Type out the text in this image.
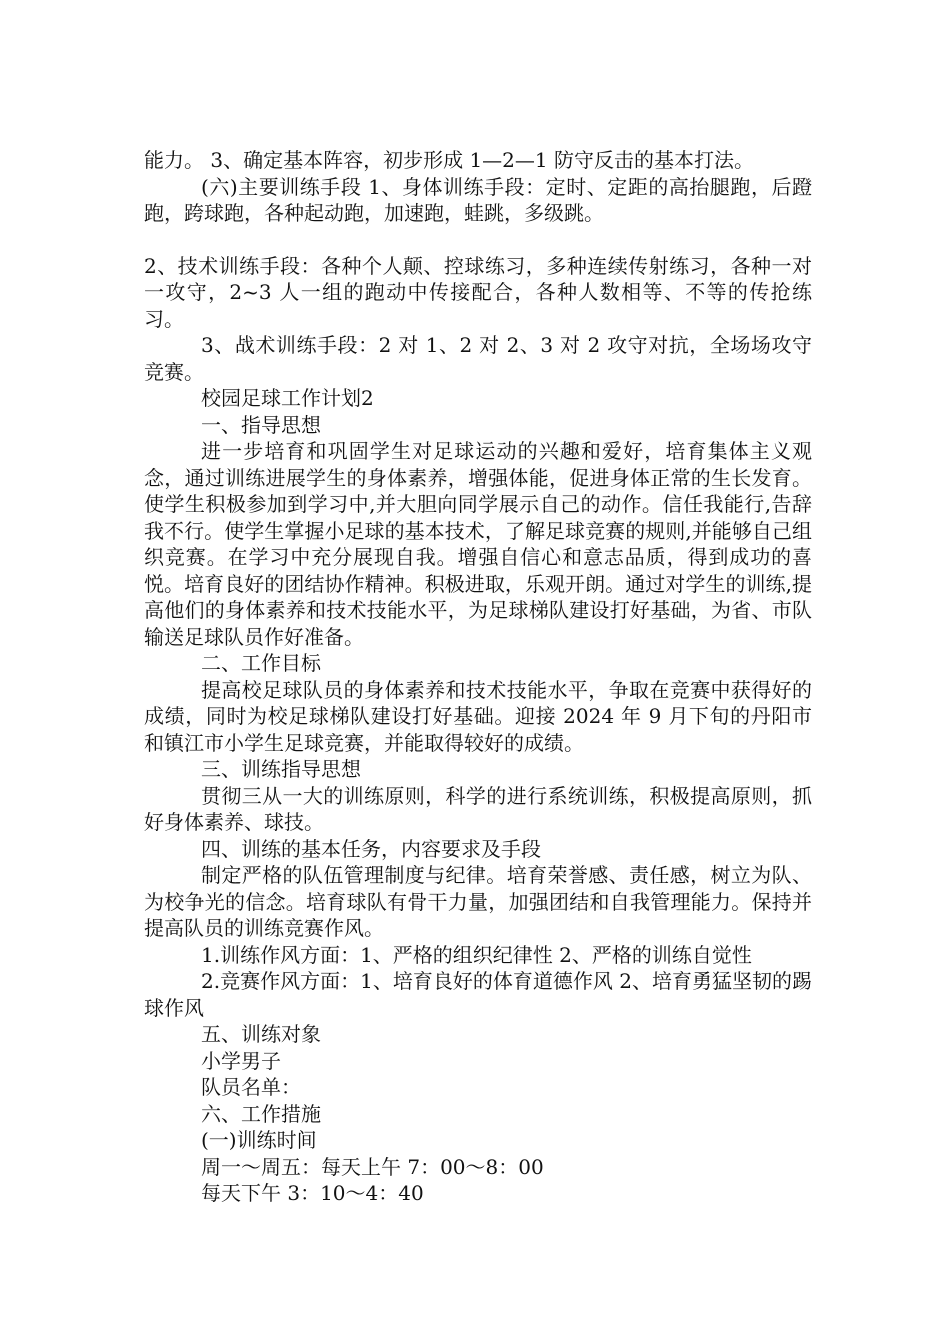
能力。 3、确定基本阵容，初步形成 1—2—1 防守反击的基本打法。

(六)主要训练手段 1、身体训练手段：定时、定距的高抬腿跑，后蹬跑，跨球跑，各种起动跑，加速跑，蛙跳，多级跳。

2、技术训练手段：各种个人颠、控球练习，多种连续传射练习，各种一对一攻守，2~3 人一组的跑动中传接配合，各种人数相等、不等的传抢练习。

3、战术训练手段：2 对 1、2 对 2、3 对 2 攻守对抗，全场场攻守竞赛。

校园足球工作计划2

一、指导思想

进一步培育和巩固学生对足球运动的兴趣和爱好，培育集体主义观念，通过训练进展学生的身体素养，增强体能，促进身体正常的生长发育。使学生积极参加到学习中,并大胆向同学展示自己的动作。信任我能行,告辞我不行。使学生掌握小足球的基本技术，了解足球竞赛的规则,并能够自己组织竞赛。在学习中充分展现自我。增强自信心和意志品质，得到成功的喜悦。培育良好的团结协作精神。积极进取，乐观开朗。通过对学生的训练,提高他们的身体素养和技术技能水平，为足球梯队建设打好基础，为省、市队输送足球队员作好准备。

二、工作目标

提高校足球队员的身体素养和技术技能水平，争取在竞赛中获得好的成绩，同时为校足球梯队建设打好基础。迎接 2024 年 9 月下旬的丹阳市和镇江市小学生足球竞赛，并能取得较好的成绩。

三、训练指导思想

贯彻三从一大的训练原则，科学的进行系统训练，积极提高原则，抓好身体素养、球技。

四、训练的基本任务，内容要求及手段

制定严格的队伍管理制度与纪律。培育荣誉感、责任感，树立为队、为校争光的信念。培育球队有骨干力量，加强团结和自我管理能力。保持并提高队员的训练竞赛作风。

1.训练作风方面：1、严格的组织纪律性 2、严格的训练自觉性

2.竞赛作风方面：1、培育良好的体育道德作风 2、培育勇猛坚韧的踢球作风

五、训练对象

小学男子

队员名单：

六、工作措施

(一)训练时间

周一～周五：每天上午 7：00～8：00

每天下午 3：10～4：40
